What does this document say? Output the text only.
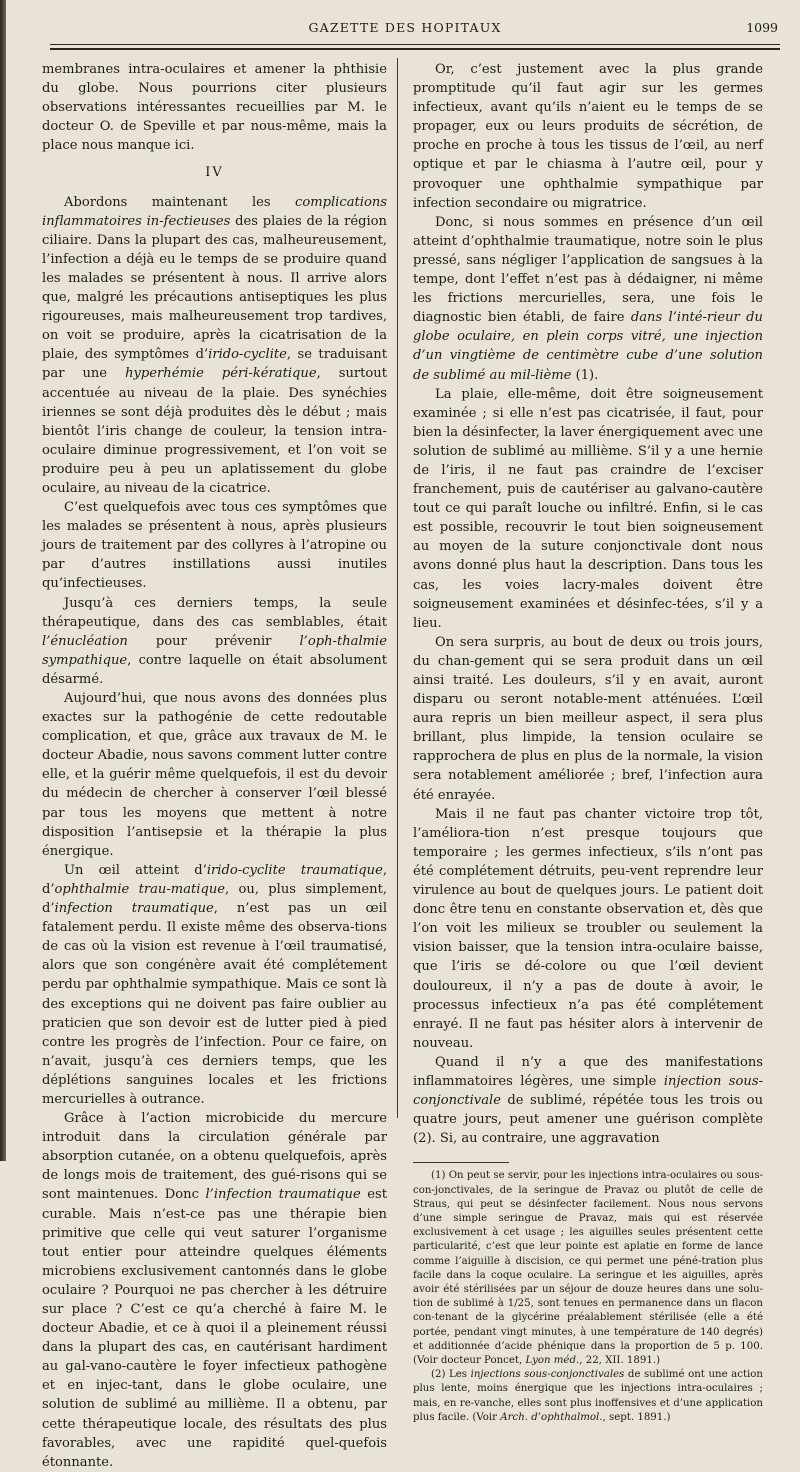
GAZETTE DES HOPITAUX	1099

membranes intra-oculaires et amener la phthisie du globe. Nous pourrions citer plusieurs observations intéressantes recueillies par M. le docteur O. de Speville et par nous-même, mais la place nous manque ici.

IV

Abordons maintenant les complications inflammatoires in-fectieuses des plaies de la région ciliaire. Dans la plupart des cas, malheureusement, l’infection a déjà eu le temps de se produire quand les malades se présentent à nous. Il arrive alors que, malgré les précautions antiseptiques les plus rigoureuses, mais malheureusement trop tardives, on voit se produire, après la cicatrisation de la plaie, des symptômes d’irido-cyclite, se traduisant par une hyperhémie péri-kératique, surtout accentuée au niveau de la plaie. Des synéchies iriennes se sont déjà produites dès le début ; mais bientôt l’iris change de couleur, la tension intra-oculaire diminue progressivement, et l’on voit se produire peu à peu un aplatissement du globe oculaire, au niveau de la cicatrice.

C’est quelquefois avec tous ces symptômes que les malades se présentent à nous, après plusieurs jours de traitement par des collyres à l’atropine ou par d’autres instillations aussi inutiles qu’infectieuses.

Jusqu’à ces derniers temps, la seule thérapeutique, dans des cas semblables, était l’énucléation pour prévenir l’oph-thalmie sympathique, contre laquelle on était absolument désarmé.

Aujourd’hui, que nous avons des données plus exactes sur la pathogénie de cette redoutable complication, et que, grâce aux travaux de M. le docteur Abadie, nous savons comment lutter contre elle, et la guérir même quelquefois, il est du devoir du médecin de chercher à conserver l’œil blessé par tous les moyens que mettent à notre disposition l’antisepsie et la thérapie la plus énergique.

Un œil atteint d’irido-cyclite traumatique, d’ophthalmie trau-matique, ou, plus simplement, d’infection traumatique, n’est pas un œil fatalement perdu. Il existe même des observa-tions de cas où la vision est revenue à l’œil traumatisé, alors que son congénère avait été complétement perdu par ophthalmie sympathique. Mais ce sont là des exceptions qui ne doivent pas faire oublier au praticien que son devoir est de lutter pied à pied contre les progrès de l’infection. Pour ce faire, on n’avait, jusqu’à ces derniers temps, que les déplétions sanguines locales et les frictions mercurielles à outrance.

Grâce à l’action microbicide du mercure introduit dans la circulation générale par absorption cutanée, on a obtenu quelquefois, après de longs mois de traitement, des gué-risons qui se sont maintenues. Donc l’infection traumatique est curable. Mais n’est-ce pas une thérapie bien primitive que celle qui veut saturer l’organisme tout entier pour atteindre quelques éléments microbiens exclusivement cantonnés dans le globe oculaire ? Pourquoi ne pas chercher à les détruire sur place ? C’est ce qu’a cherché à faire M. le docteur Abadie, et ce à quoi il a pleinement réussi dans la plupart des cas, en cautérisant hardiment au gal-vano-cautère le foyer infectieux pathogène et en injec-tant, dans le globe oculaire, une solution de sublimé au millième. Il a obtenu, par cette thérapeutique locale, des résultats des plus favorables, avec une rapidité quel-quefois étonnante.

Or, c’est justement avec la plus grande promptitude qu’il faut agir sur les germes infectieux, avant qu’ils n’aient eu le temps de se propager, eux ou leurs produits de sécrétion, de proche en proche à tous les tissus de l’œil, au nerf optique et par le chiasma à l’autre œil, pour y provoquer une ophthalmie sympathique par infection secondaire ou migratrice.

Donc, si nous sommes en présence d’un œil atteint d’ophthalmie traumatique, notre soin le plus pressé, sans négliger l’application de sangsues à la tempe, dont l’effet n’est pas à dédaigner, ni même les frictions mercurielles, sera, une fois le diagnostic bien établi, de faire dans l’inté-rieur du globe oculaire, en plein corps vitré, une injection d’un vingtième de centimètre cube d’une solution de sublimé au mil-lième (1).

La plaie, elle-même, doit être soigneusement examinée ; si elle n’est pas cicatrisée, il faut, pour bien la désinfecter, la laver énergiquement avec une solution de sublimé au millième. S’il y a une hernie de l’iris, il ne faut pas craindre de l’exciser franchement, puis de cautériser au galvano-cautère tout ce qui paraît louche ou infiltré. Enfin, si le cas est possible, recouvrir le tout bien soigneusement au moyen de la suture conjonctivale dont nous avons donné plus haut la description. Dans tous les cas, les voies lacry-males doivent être soigneusement examinées et désinfec-tées, s’il y a lieu.

On sera surpris, au bout de deux ou trois jours, du chan-gement qui se sera produit dans un œil ainsi traité. Les douleurs, s’il y en avait, auront disparu ou seront notable-ment atténuées. L’œil aura repris un bien meilleur aspect, il sera plus brillant, plus limpide, la tension oculaire se rapprochera de plus en plus de la normale, la vision sera notablement améliorée ; bref, l’infection aura été enrayée.

Mais il ne faut pas chanter victoire trop tôt, l’améliora-tion n’est presque toujours que temporaire ; les germes infectieux, s’ils n’ont pas été complétement détruits, peu-vent reprendre leur virulence au bout de quelques jours. Le patient doit donc être tenu en constante observation et, dès que l’on voit les milieux se troubler ou seulement la vision baisser, que la tension intra-oculaire baisse, que l’iris se dé-colore ou que l’œil devient douloureux, il n’y a pas de doute à avoir, le processus infectieux n’a pas été complétement enrayé. Il ne faut pas hésiter alors à intervenir de nouveau.

Quand il n’y a que des manifestations inflammatoires légères, une simple injection sous-conjonctivale de sublimé, répétée tous les trois ou quatre jours, peut amener une guérison complète (2). Si, au contraire, une aggravation

(1) On peut se servir, pour les injections intra-oculaires ou sous-con-jonctivales, de la seringue de Pravaz ou plutôt de celle de Straus, qui peut se désinfecter facilement. Nous nous servons d’une simple seringue de Pravaz, mais qui est réservée exclusivement à cet usage ; les aiguilles seules présentent cette particularité, c’est que leur pointe est aplatie en forme de lance comme l’aiguille à discision, ce qui permet une péné-tration plus facile dans la coque oculaire. La seringue et les aiguilles, après avoir été stérilisées par un séjour de douze heures dans une solu-tion de sublimé à 1/25, sont tenues en permanence dans un flacon con-tenant de la glycérine préalablement stérilisée (elle a été portée, pendant vingt minutes, à une température de 140 degrés) et additionnée d’acide phénique dans la proportion de 5 p. 100. (Voir docteur Poncet, Lyon méd., 22, XII. 1891.)

(2) Les injections sous-conjonctivales de sublimé ont une action plus lente, moins énergique que les injections intra-oculaires ; mais, en re-vanche, elles sont plus inoffensives et d’une application plus facile. (Voir Arch. d’ophthalmol., sept. 1891.)
